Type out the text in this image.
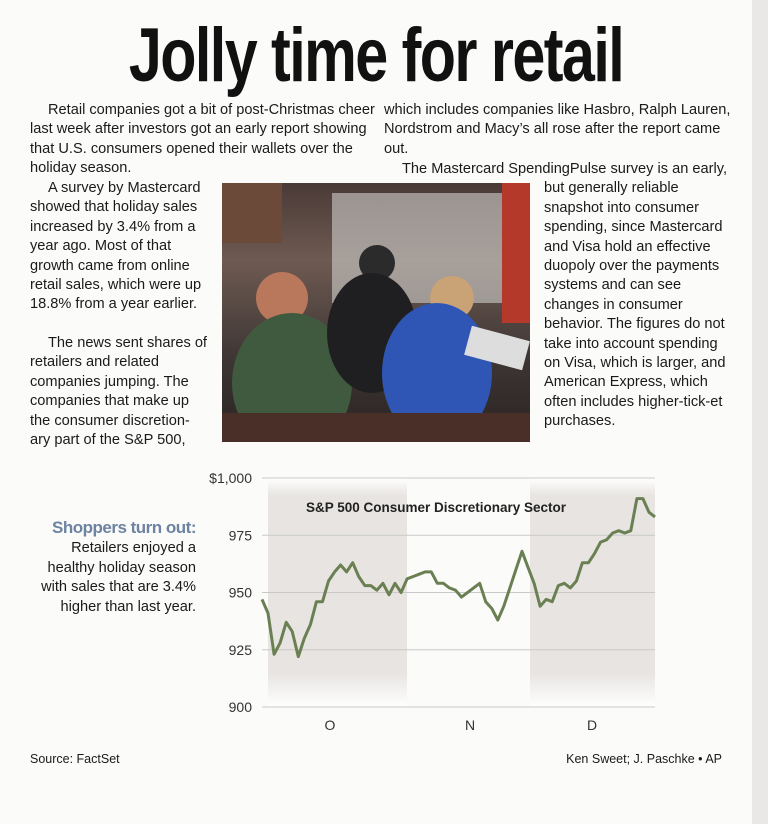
Jolly time for retail

Retail companies got a bit of post-Christmas cheer last week after investors got an early report showing that U.S. consumers opened their wallets over the holiday season.

A survey by Mastercard showed that holiday sales increased by 3.4% from a year ago. Most of that growth came from online retail sales, which were up 18.8% from a year earlier.

The news sent shares of retailers and related companies jumping. The companies that make up the consumer discretion-ary part of the S&P 500,

which includes companies like Hasbro, Ralph Lauren, Nordstrom and Macy’s all rose after the report came out.

The Mastercard SpendingPulse survey is an early, but generally reliable snapshot into consumer spending, since Mastercard and Visa hold an effective duopoly over the payments systems and can see changes in consumer behavior. The figures do not take into account spending on Visa, which is larger, and American Express, which often includes higher-tick-et purchases.
Shoppers turn out: Retailers enjoyed a healthy holiday season with sales that are 3.4% higher than last year.
$1,000
975
950
925
900
O	N	D
S&P 500 Consumer Discretionary Sector
Source: FactSet	Ken Sweet; J. Paschke • AP
